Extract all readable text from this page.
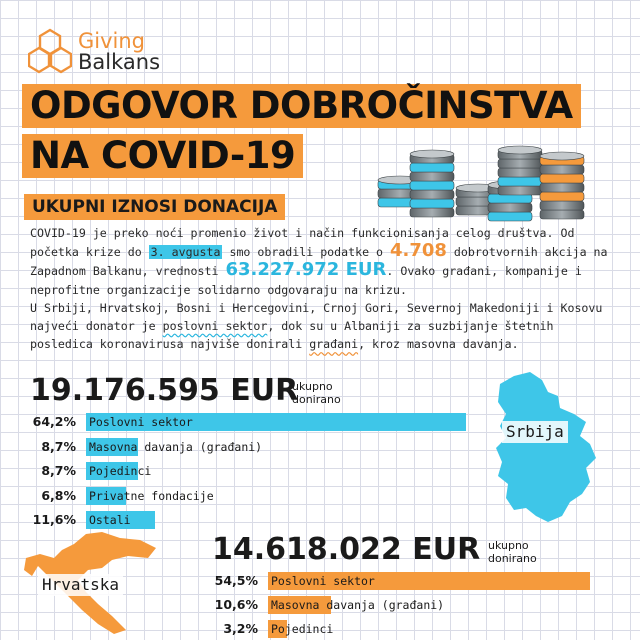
Giving
Balkans
ODGOVOR DOBROČINSTVA
NA COVID-19
UKUPNI IZNOSI DONACIJA

COVID-19 je preko noći promenio život i način funkcionisanja celog društva. Od početka krize do 3. avgusta smo obradili podatke o 4.708 dobrotvornih akcija na Zapadnom Balkanu, vrednosti 63.227.972 EUR. Ovako građani, kompanije i neprofitne organizacije solidarno odgovaraju na krizu.

U Srbiji, Hrvatskoj, Bosni i Hercegovini, Crnoj Gori, Severnoj Makedoniji i Kosovu najveći donator je poslovni sektor, dok su u Albaniji za suzbijanje štetnih posledica koronavirusa najviše donirali građani, kroz masovna davanja.

Srbija
Hrvatska
19.176.595 EUR
ukupno
donirano
64,2% Poslovni sektor
8,7% Masovna davanja (građani)
8,7% Pojedinci
6,8% Privatne fondacije
11,6% Ostali
14.618.022 EUR ukupno
donirano
54,5% Poslovni sektor
10,6% Masovna davanja (građani)
3,2% Pojedinci
